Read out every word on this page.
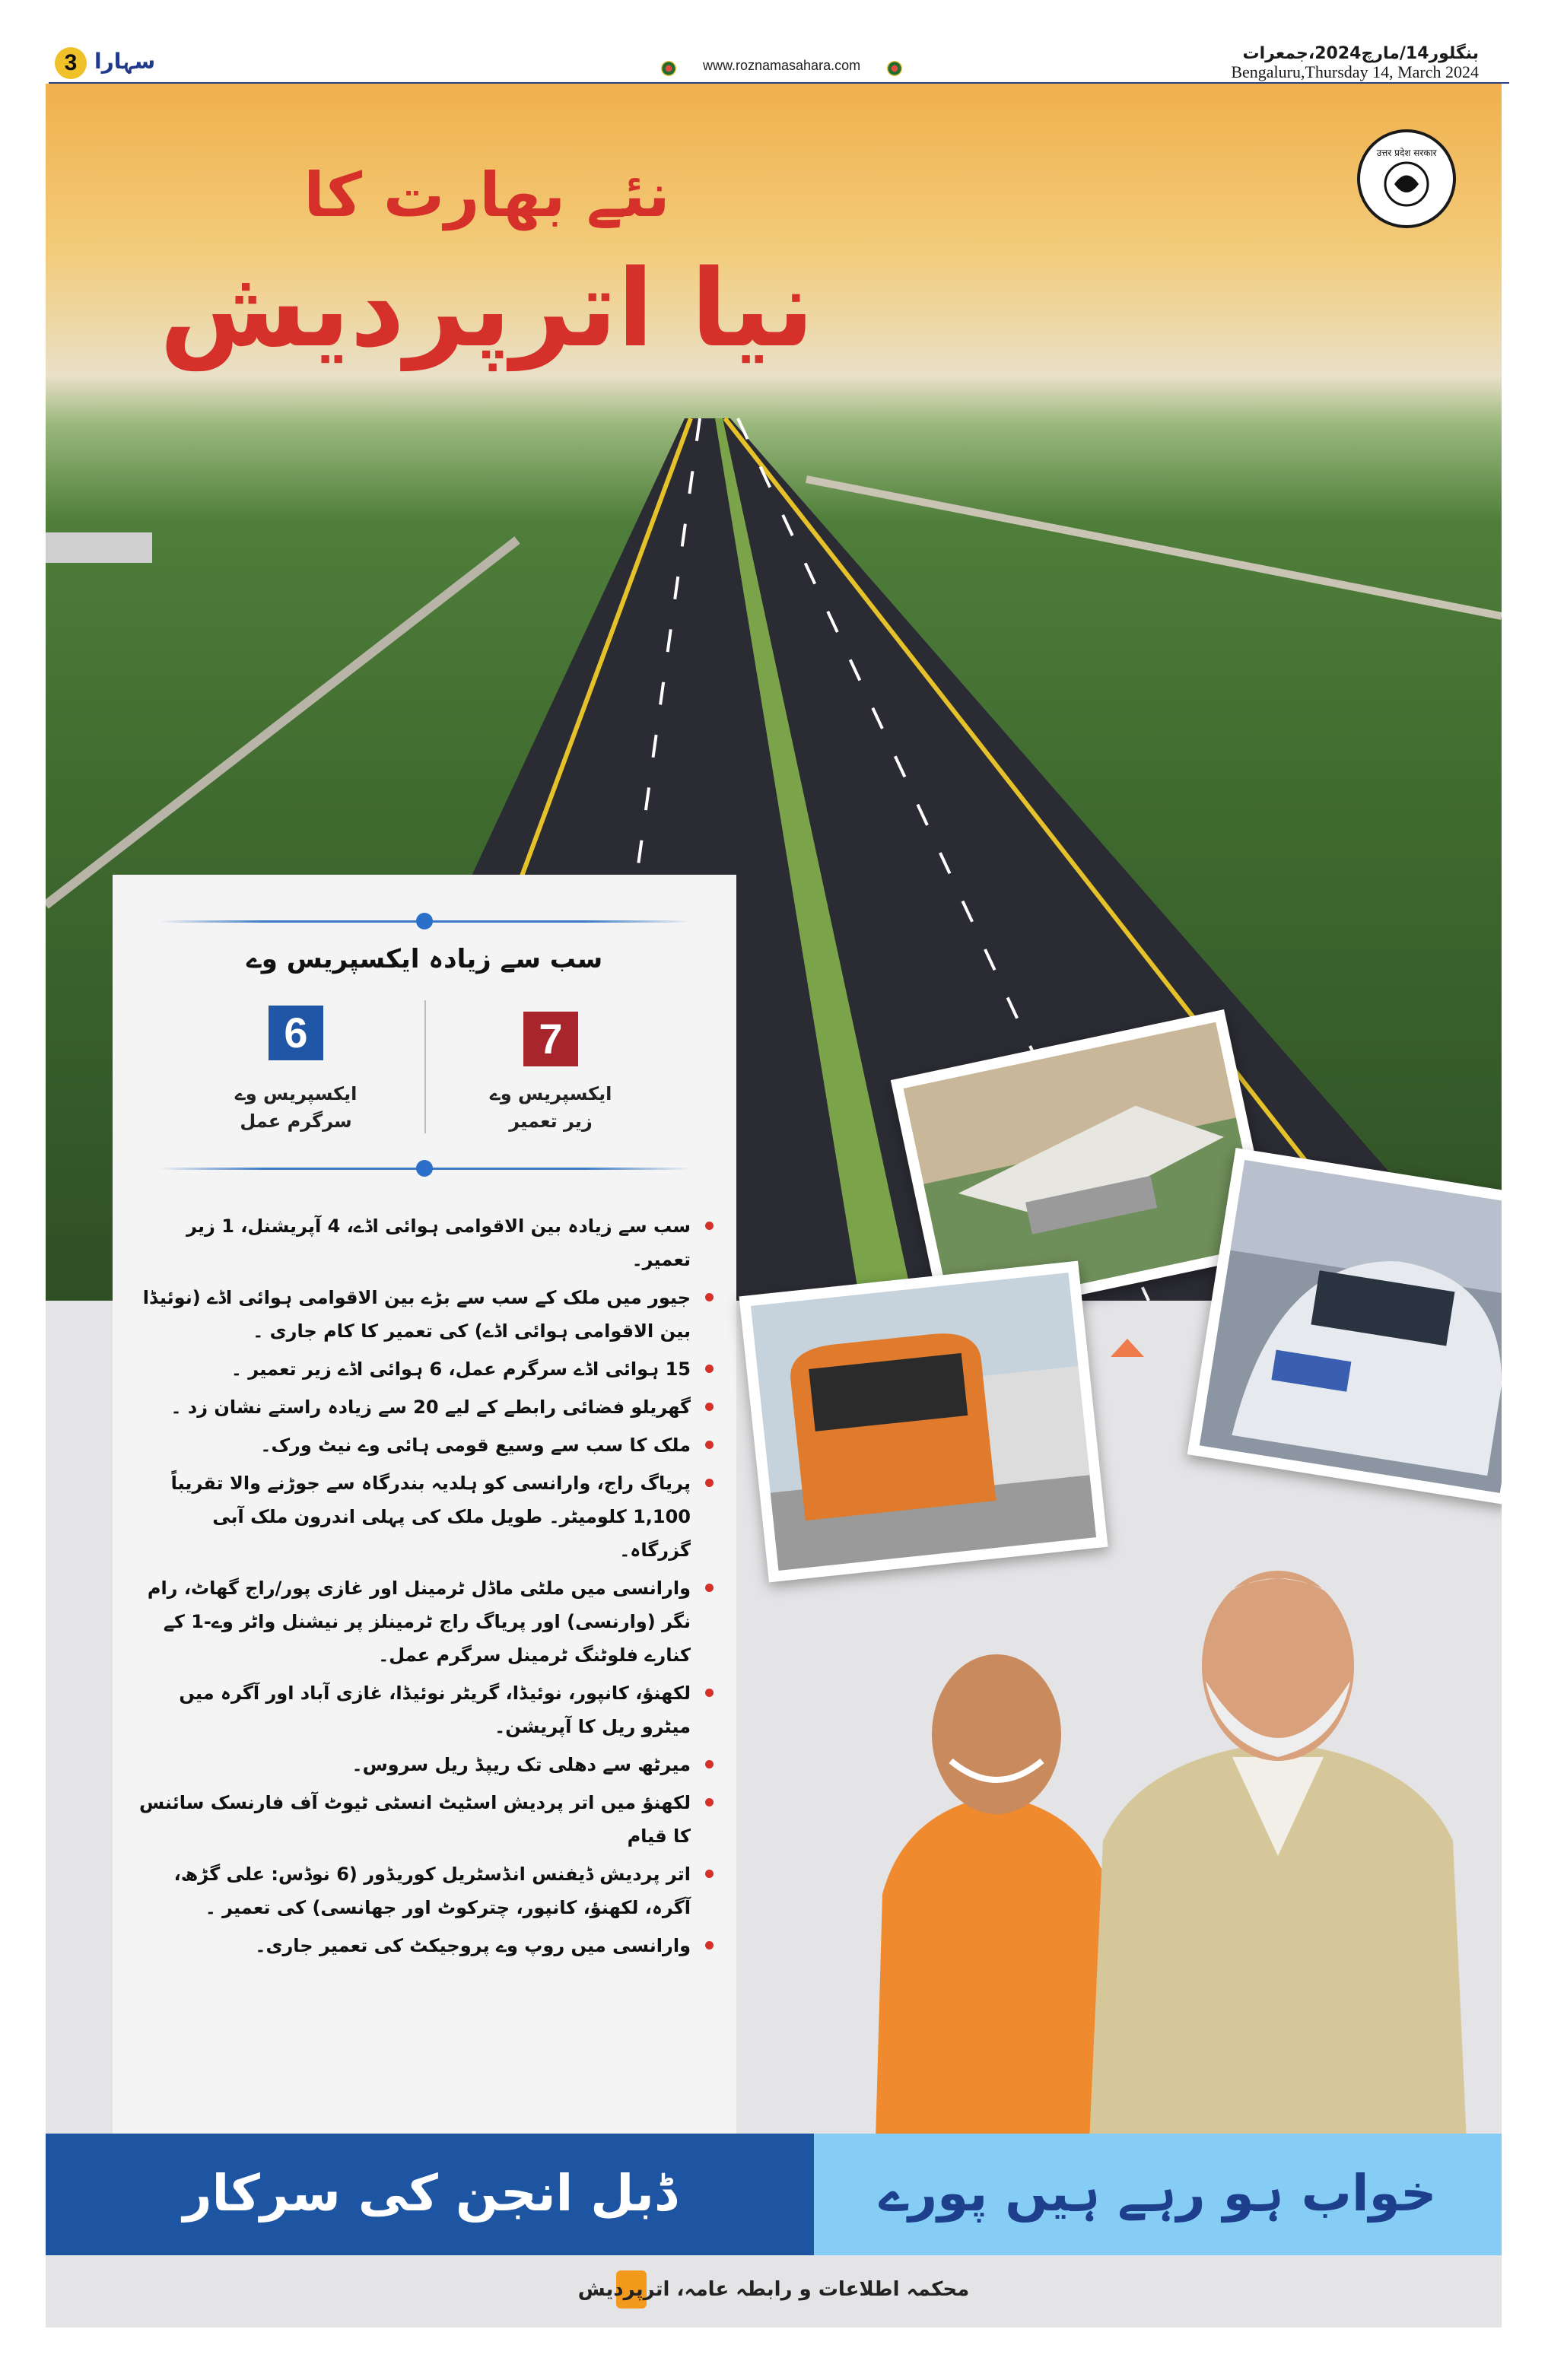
3 سہارا	www.roznamasahara.com
بنگلور14/مارچ2024،جمعرات
Bengaluru,Thursday 14, March 2024
نئے بھارت کا
نیا اترپردیش
उत्तर प्रदेश सरकार
سب سے زیادہ ایکسپریس وے
7
ایکسپریس وے
زیر تعمیر
6
ایکسپریس وے
سرگرم عمل
سب سے زیادہ بین الاقوامی ہوائی اڈے، 4 آپریشنل، 1 زیر تعمیر۔
جیور میں ملک کے سب سے بڑے بین الاقوامی ہوائی اڈے (نوئیڈا بین الاقوامی ہوائی اڈے) کی تعمیر کا کام جاری ۔
15 ہوائی اڈے سرگرم عمل، 6 ہوائی اڈے زیر تعمیر ۔
گھریلو فضائی رابطے کے لیے 20 سے زیادہ راستے نشان زد ۔
ملک کا سب سے وسیع قومی ہائی وے نیٹ ورک۔
پریاگ راج، وارانسی کو ہلدیہ بندرگاہ سے جوڑنے والا تقریباً 1,100 کلومیٹر۔ طویل ملک کی پہلی اندرون ملک آبی گزرگاہ۔
وارانسی میں ملٹی ماڈل ٹرمینل اور غازی پور/راج گھاٹ، رام نگر (وارنسی) اور پریاگ راج ٹرمینلز پر نیشنل واٹر وے-1 کے کنارے فلوٹنگ ٹرمینل سرگرم عمل۔
لکھنؤ، کانپور، نوئیڈا، گریٹر نوئیڈا، غازی آباد اور آگرہ میں میٹرو ریل کا آپریشن۔
میرٹھ سے دھلی تک ریپڈ ریل سروس۔
لکھنؤ میں اتر پردیش اسٹیٹ انسٹی ٹیوٹ آف فارنسک سائنس کا قیام
اتر پردیش ڈیفنس انڈسٹریل کوریڈور (6 نوڈس: علی گڑھ، آگرہ، لکھنؤ، کانپور، چترکوٹ اور جھانسی) کی تعمیر ۔
وارانسی میں روپ وے پروجیکٹ کی تعمیر جاری۔
ڈبل انجن کی سرکار	خواب ہو رہے ہیں پورے
محکمہ اطلاعات و رابطہ عامہ، اترپردیش
